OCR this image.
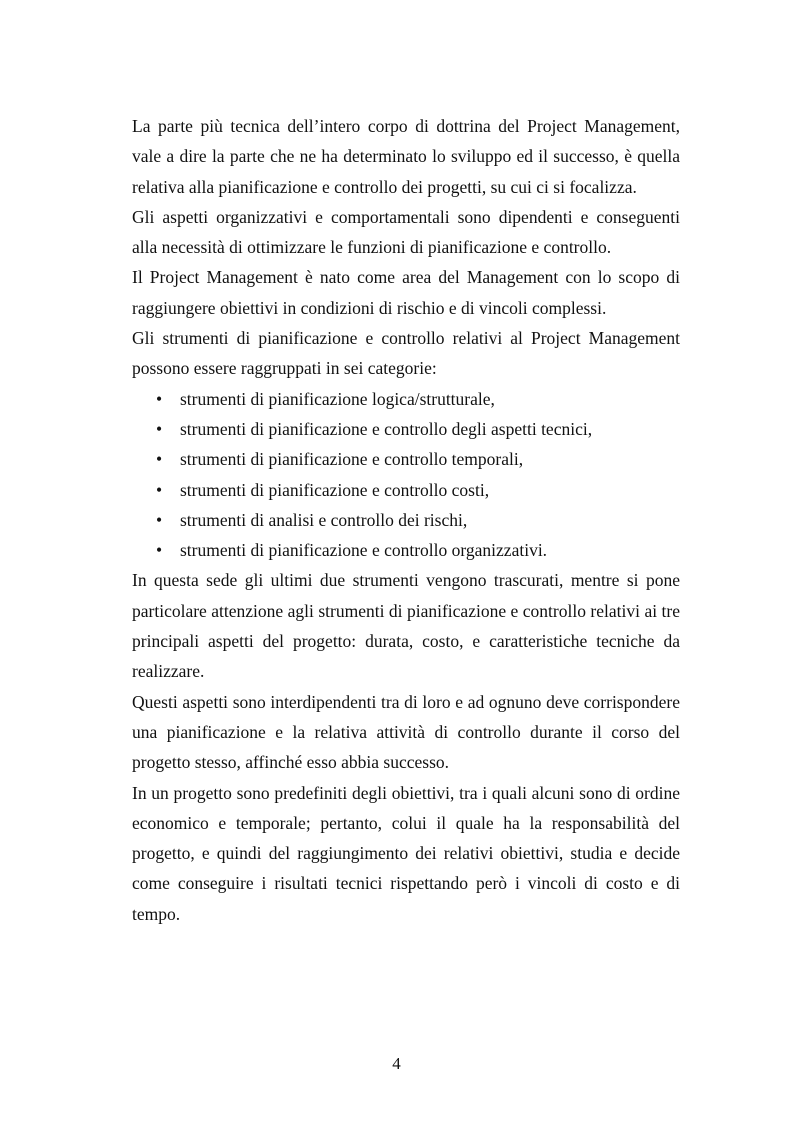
La parte più tecnica dell’intero corpo di dottrina del Project Management, vale a dire la parte che ne ha determinato lo sviluppo ed il successo, è quella relativa alla pianificazione e controllo dei progetti, su cui ci si focalizza.

Gli aspetti organizzativi e comportamentali sono dipendenti e conseguenti alla necessità di ottimizzare le funzioni di pianificazione e controllo.

Il Project Management è nato come area del Management con lo scopo di raggiungere obiettivi in condizioni di rischio e di vincoli complessi.

Gli strumenti di pianificazione e controllo relativi al Project Management possono essere raggruppati in sei categorie:

• strumenti di pianificazione logica/strutturale,
• strumenti di pianificazione e controllo degli aspetti tecnici,
• strumenti di pianificazione e controllo temporali,
• strumenti di pianificazione e controllo costi,
• strumenti di analisi e controllo dei rischi,
• strumenti di pianificazione e controllo organizzativi.

In questa sede gli ultimi due strumenti vengono trascurati, mentre si pone particolare attenzione agli strumenti di pianificazione e controllo relativi ai tre principali aspetti del progetto: durata, costo, e caratteristiche tecniche da realizzare.

Questi aspetti sono interdipendenti tra di loro e ad ognuno deve corrispondere una pianificazione e la relativa attività di controllo durante il corso del progetto stesso, affinché esso abbia successo.

In un progetto sono predefiniti degli obiettivi, tra i quali alcuni sono di ordine economico e temporale; pertanto, colui il quale ha la responsabilità del progetto, e quindi del raggiungimento dei relativi obiettivi, studia e decide come conseguire i risultati tecnici rispettando però i vincoli di costo e di tempo.

4
